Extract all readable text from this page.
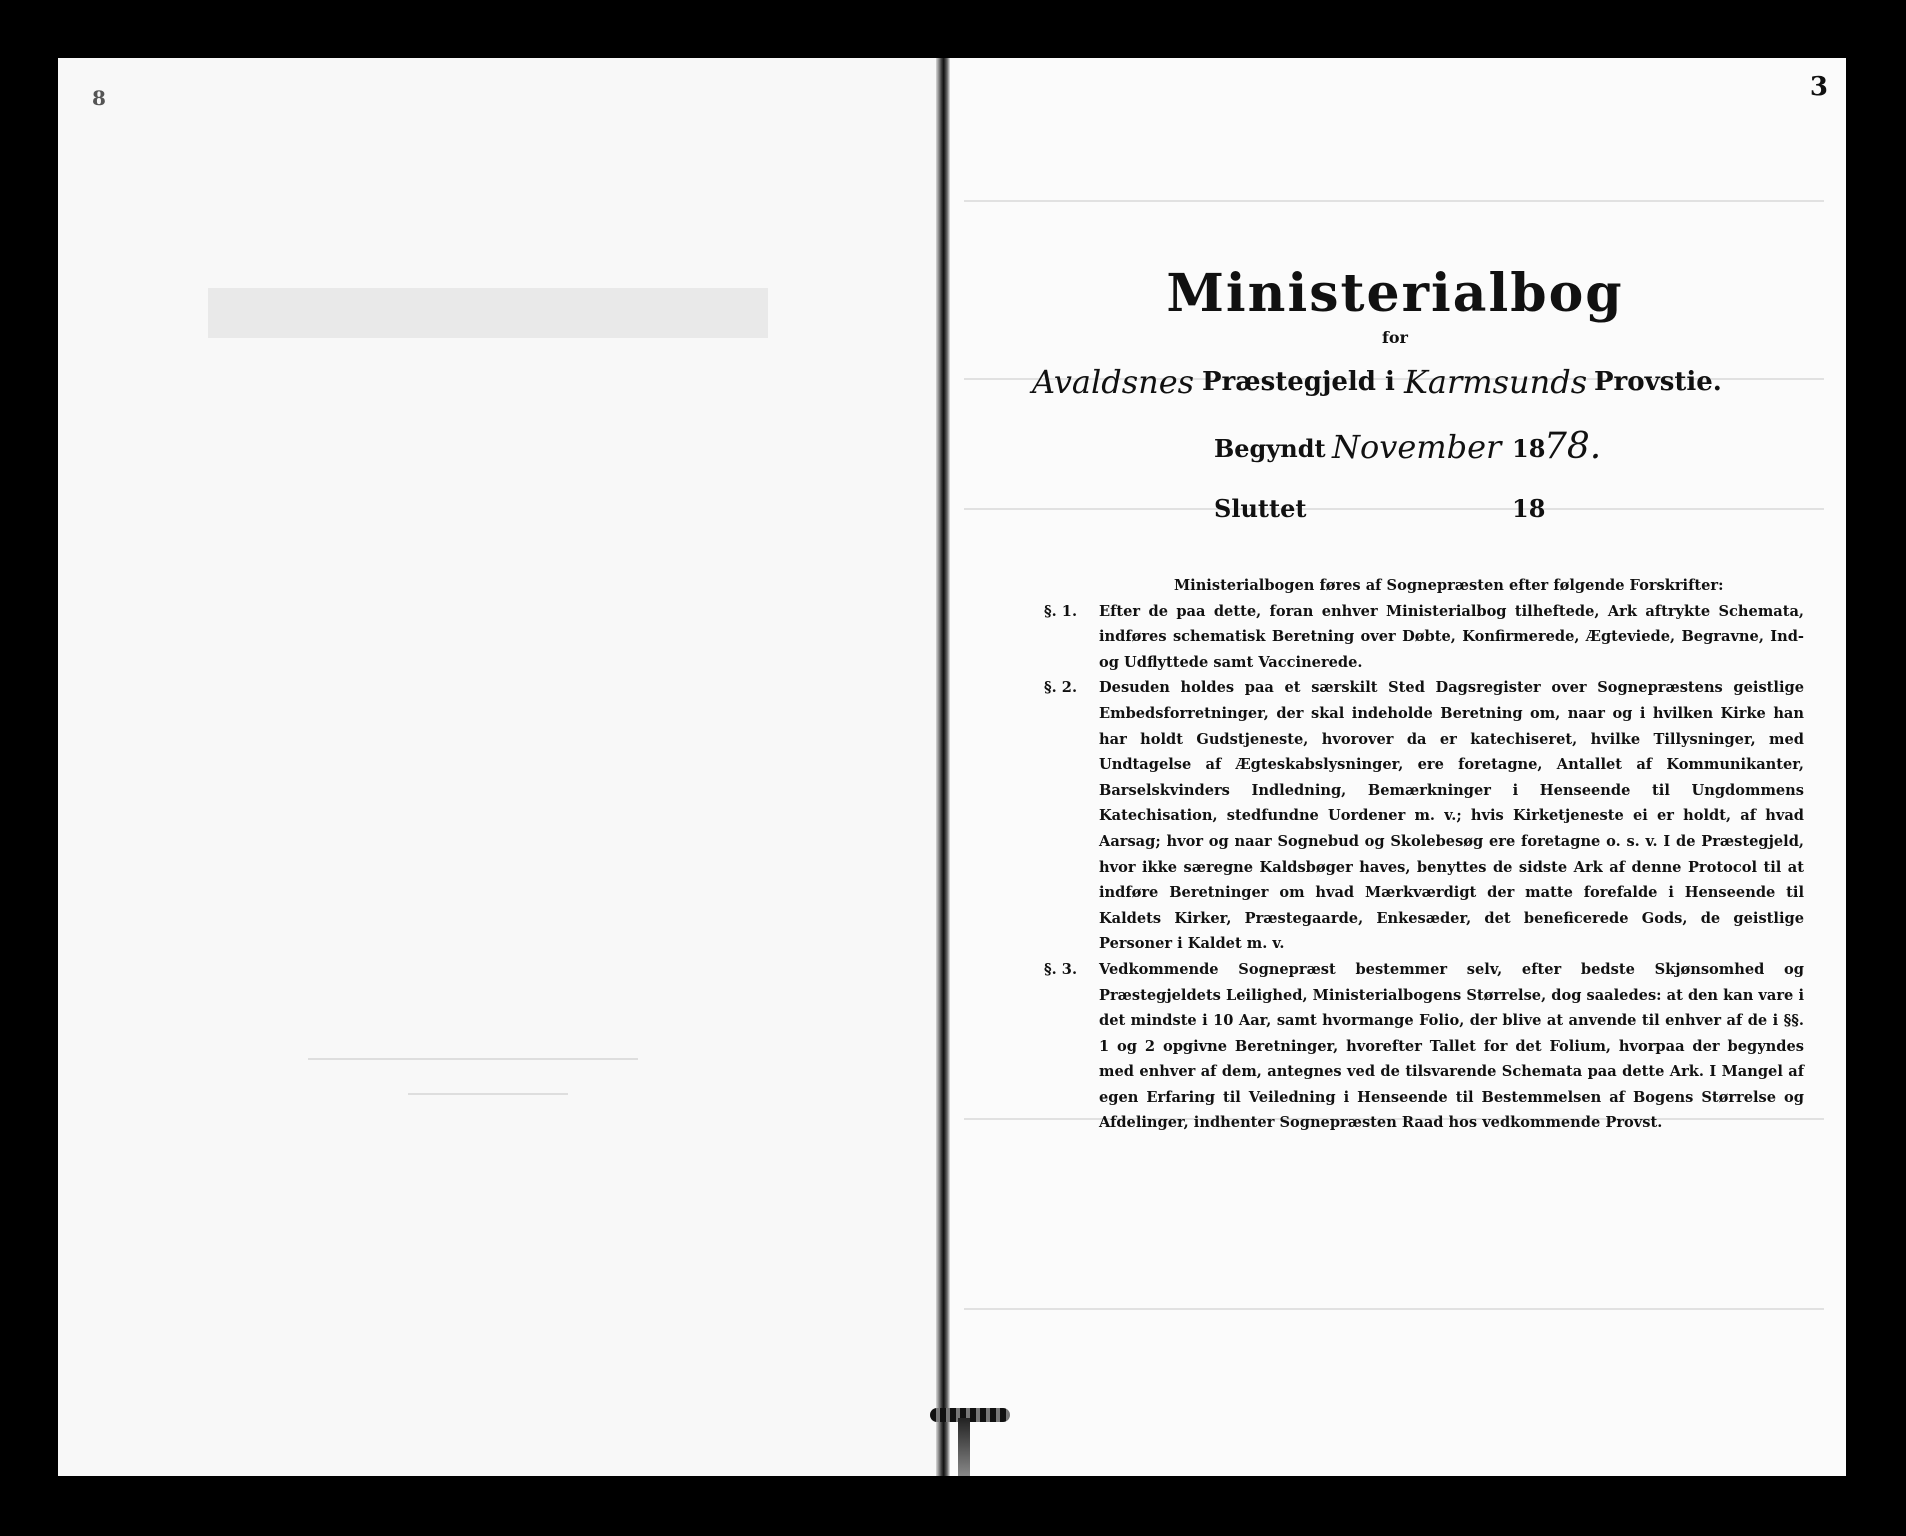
8	3
Ministerialbog
for
Avaldsnes Præstegjeld i Karmsunds Provstie.
Begyndt November 18
78.
Sluttet	18
Ministerialbogen føres af Sognepræsten efter følgende Forskrifter:
§. 1.	Efter de paa dette, foran enhver Ministerialbog tilheftede, Ark aftrykte Schemata, indføres schematisk Beretning over Døbte, Konfirmerede, Ægteviede, Begravne, Ind- og Udflyttede samt Vaccinerede.
§. 2.	Desuden holdes paa et særskilt Sted Dagsregister over Sognepræstens geistlige Embedsforretninger, der skal indeholde Beretning om, naar og i hvilken Kirke han har holdt Gudstjeneste, hvorover da er katechiseret, hvilke Tillysninger, med Undtagelse af Ægteskabslysninger, ere foretagne, Antallet af Kommunikanter, Barselskvinders Indledning, Bemærkninger i Henseende til Ungdommens Katechisation, stedfundne Uordener m. v.; hvis Kirketjeneste ei er holdt, af hvad Aarsag; hvor og naar Sognebud og Skolebesøg ere foretagne o. s. v. I de Præstegjeld, hvor ikke særegne Kaldsbøger haves, benyttes de sidste Ark af denne Protocol til at indføre Beretninger om hvad Mærkværdigt der matte forefalde i Henseende til Kaldets Kirker, Præstegaarde, Enkesæder, det beneficerede Gods, de geistlige Personer i Kaldet m. v.
§. 3.	Vedkommende Sognepræst bestemmer selv, efter bedste Skjønsomhed og Præstegjeldets Leilighed, Ministerialbogens Størrelse, dog saaledes: at den kan vare i det mindste i 10 Aar, samt hvormange Folio, der blive at anvende til enhver af de i §§. 1 og 2 opgivne Beretninger, hvorefter Tallet for det Folium, hvorpaa der begyndes med enhver af dem, antegnes ved de tilsvarende Schemata paa dette Ark. I Mangel af egen Erfaring til Veiledning i Henseende til Bestemmelsen af Bogens Størrelse og Afdelinger, indhenter Sognepræsten Raad hos vedkommende Provst.
